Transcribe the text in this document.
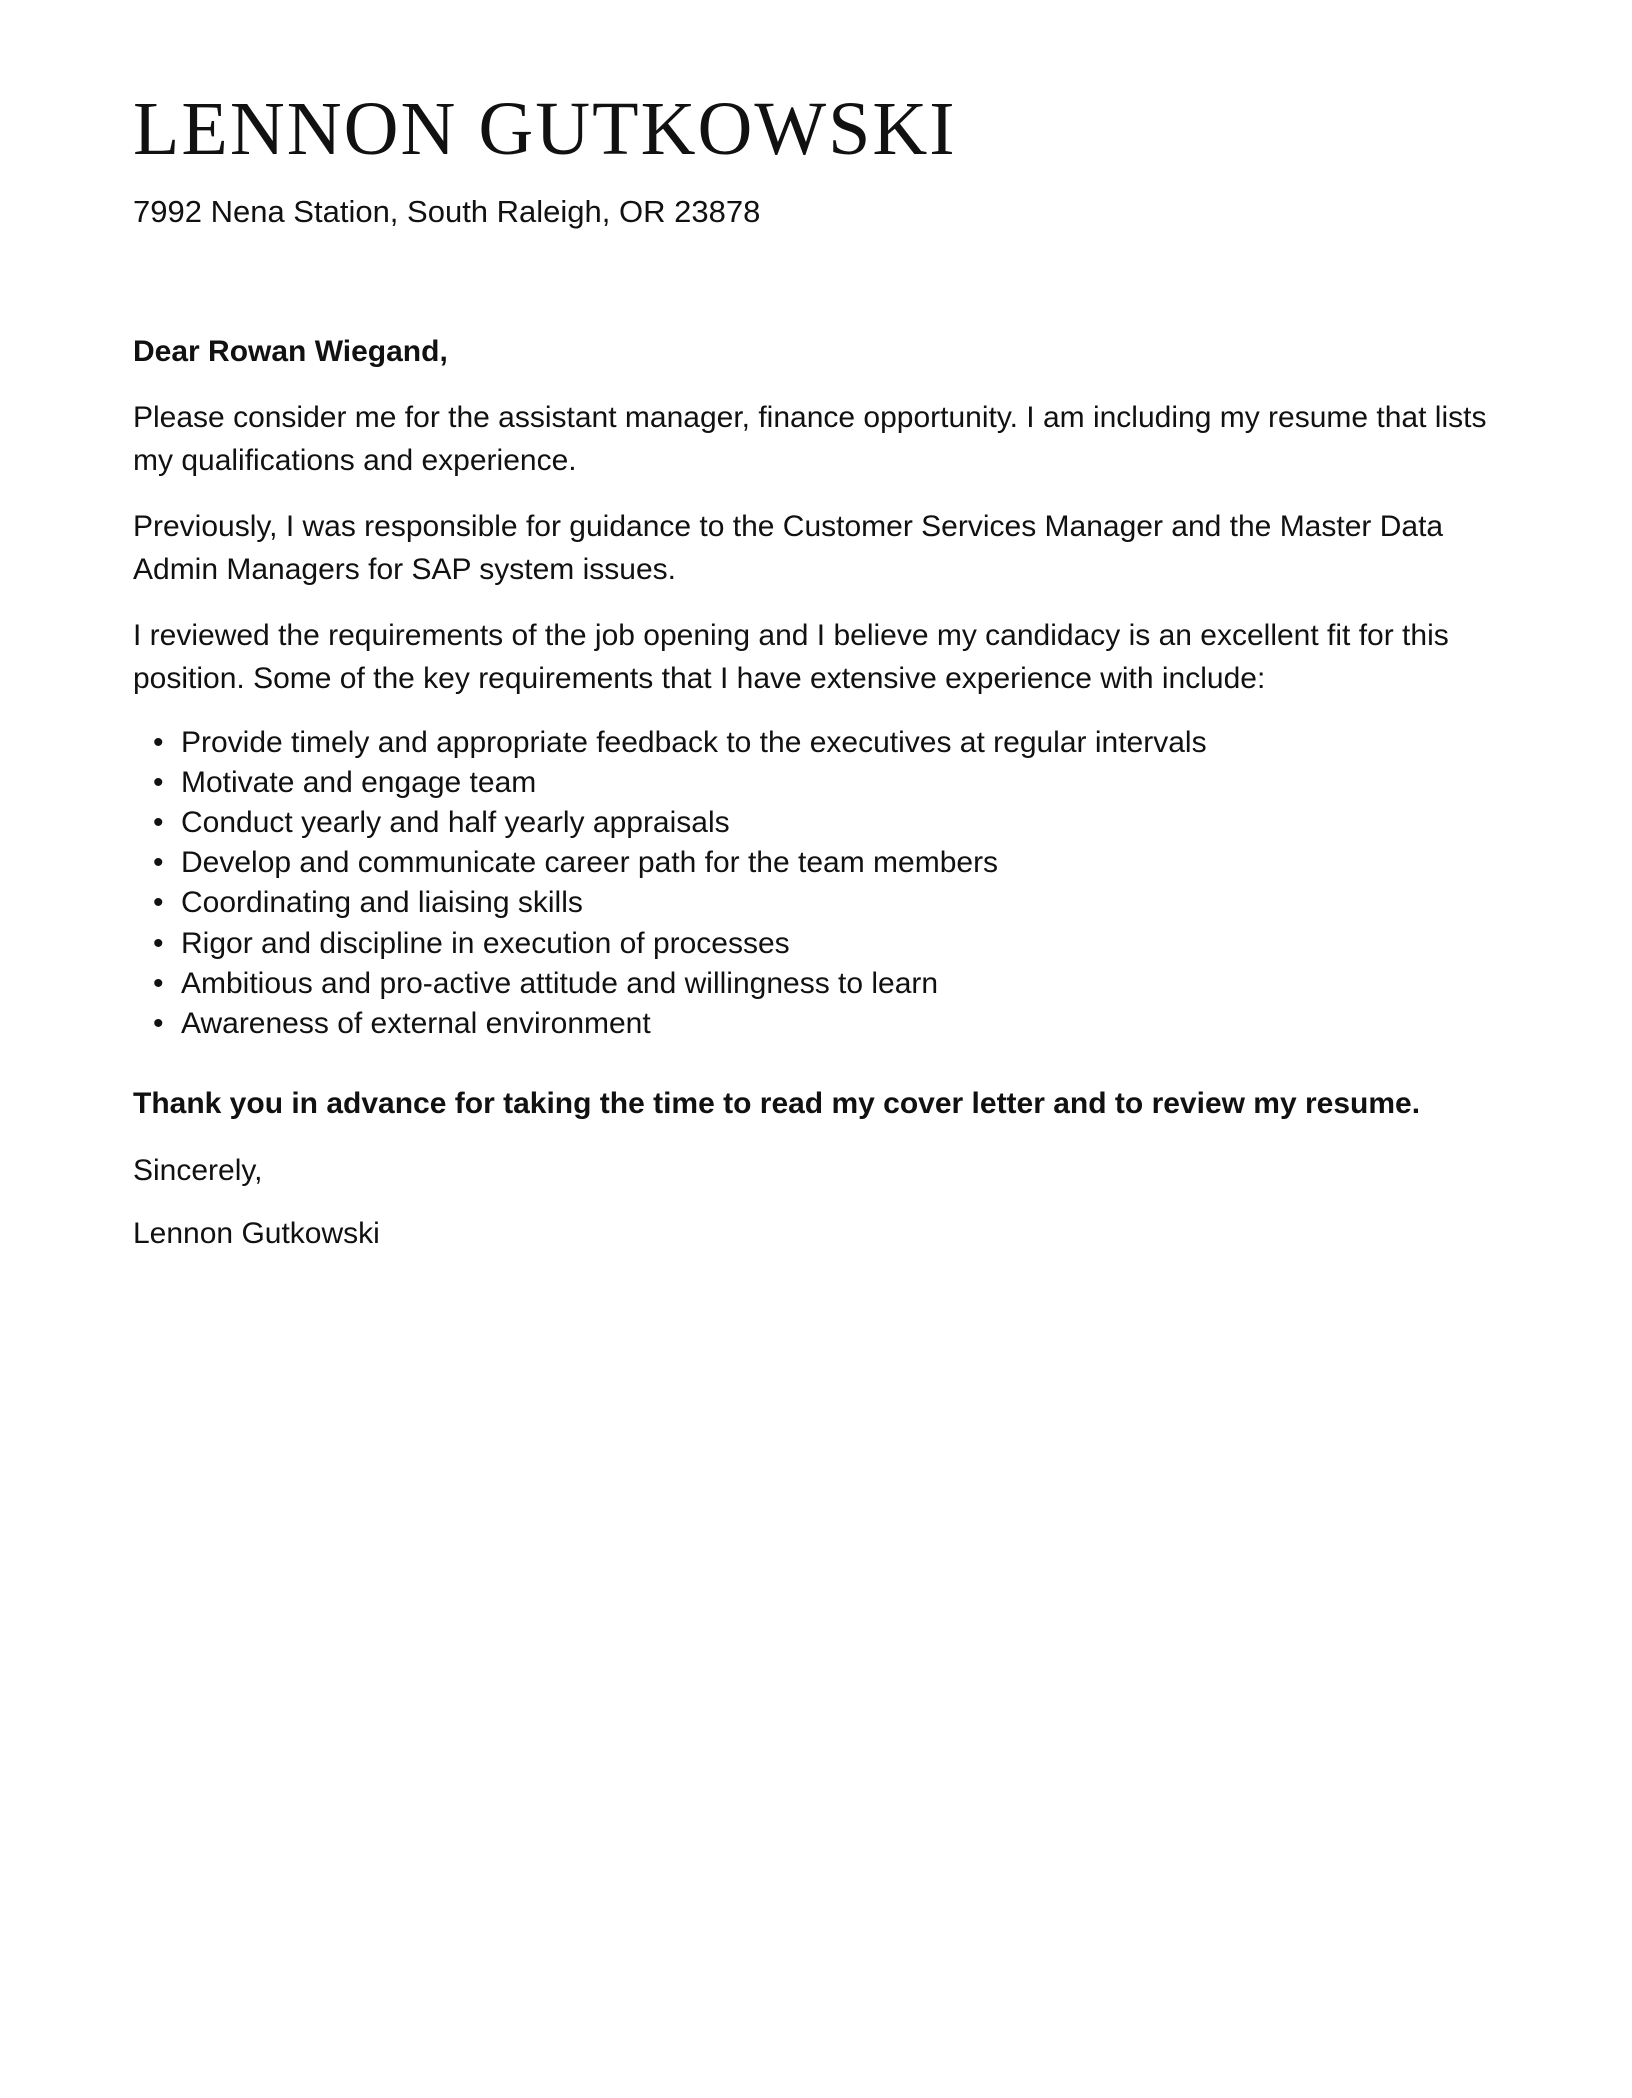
LENNON GUTKOWSKI

7992 Nena Station, South Raleigh, OR 23878

Dear Rowan Wiegand,

Please consider me for the assistant manager, finance opportunity. I am including my resume that lists my qualifications and experience.

Previously, I was responsible for guidance to the Customer Services Manager and the Master Data Admin Managers for SAP system issues.

I reviewed the requirements of the job opening and I believe my candidacy is an excellent fit for this position. Some of the key requirements that I have extensive experience with include:

• Provide timely and appropriate feedback to the executives at regular intervals
• Motivate and engage team
• Conduct yearly and half yearly appraisals
• Develop and communicate career path for the team members
• Coordinating and liaising skills
• Rigor and discipline in execution of processes
• Ambitious and pro-active attitude and willingness to learn
• Awareness of external environment

Thank you in advance for taking the time to read my cover letter and to review my resume.

Sincerely,

Lennon Gutkowski
